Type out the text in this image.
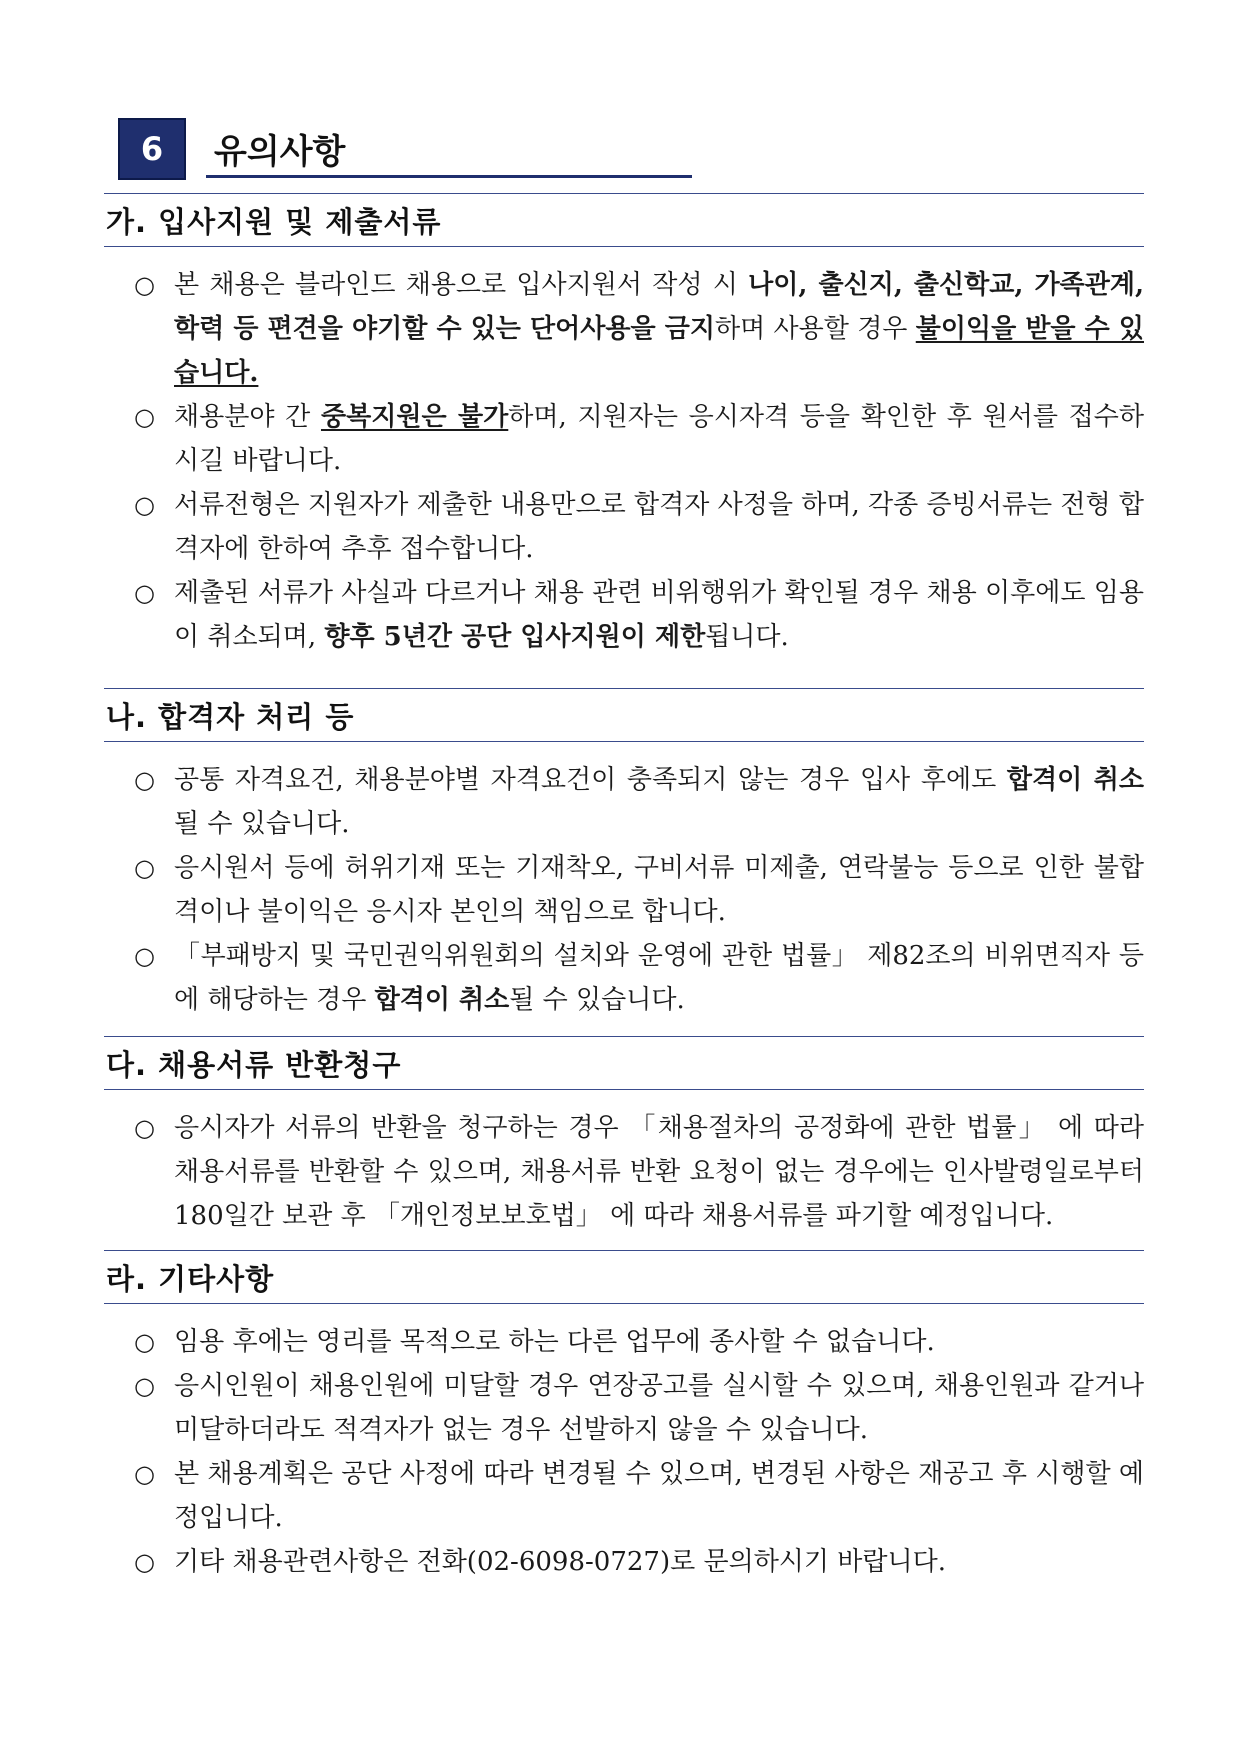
6	유의사항
가. 입사지원 및 제출서류
○ 본 채용은 블라인드 채용으로 입사지원서 작성 시 나이, 출신지, 출신학교, 가족관계, 학력 등 편견을 야기할 수 있는 단어사용을 금지하며 사용할 경우 불이익을 받을 수 있습니다.
○ 채용분야 간 중복지원은 불가하며, 지원자는 응시자격 등을 확인한 후 원서를 접수하시길 바랍니다.
○ 서류전형은 지원자가 제출한 내용만으로 합격자 사정을 하며, 각종 증빙서류는 전형 합격자에 한하여 추후 접수합니다.
○ 제출된 서류가 사실과 다르거나 채용 관련 비위행위가 확인될 경우 채용 이후에도 임용이 취소되며, 향후 5년간 공단 입사지원이 제한됩니다.
나. 합격자 처리 등
○ 공통 자격요건, 채용분야별 자격요건이 충족되지 않는 경우 입사 후에도 합격이 취소될 수 있습니다.
○ 응시원서 등에 허위기재 또는 기재착오, 구비서류 미제출, 연락불능 등으로 인한 불합격이나 불이익은 응시자 본인의 책임으로 합니다.
○ 「부패방지 및 국민권익위원회의 설치와 운영에 관한 법률」 제82조의 비위면직자 등에 해당하는 경우 합격이 취소될 수 있습니다.
다. 채용서류 반환청구
○ 응시자가 서류의 반환을 청구하는 경우 「채용절차의 공정화에 관한 법률」 에 따라 채용서류를 반환할 수 있으며, 채용서류 반환 요청이 없는 경우에는 인사발령일로부터 180일간 보관 후 「개인정보보호법」 에 따라 채용서류를 파기할 예정입니다.
라. 기타사항
○ 임용 후에는 영리를 목적으로 하는 다른 업무에 종사할 수 없습니다.
○ 응시인원이 채용인원에 미달할 경우 연장공고를 실시할 수 있으며, 채용인원과 같거나 미달하더라도 적격자가 없는 경우 선발하지 않을 수 있습니다.
○ 본 채용계획은 공단 사정에 따라 변경될 수 있으며, 변경된 사항은 재공고 후 시행할 예정입니다.
○ 기타 채용관련사항은 전화(02-6098-0727)로 문의하시기 바랍니다.
